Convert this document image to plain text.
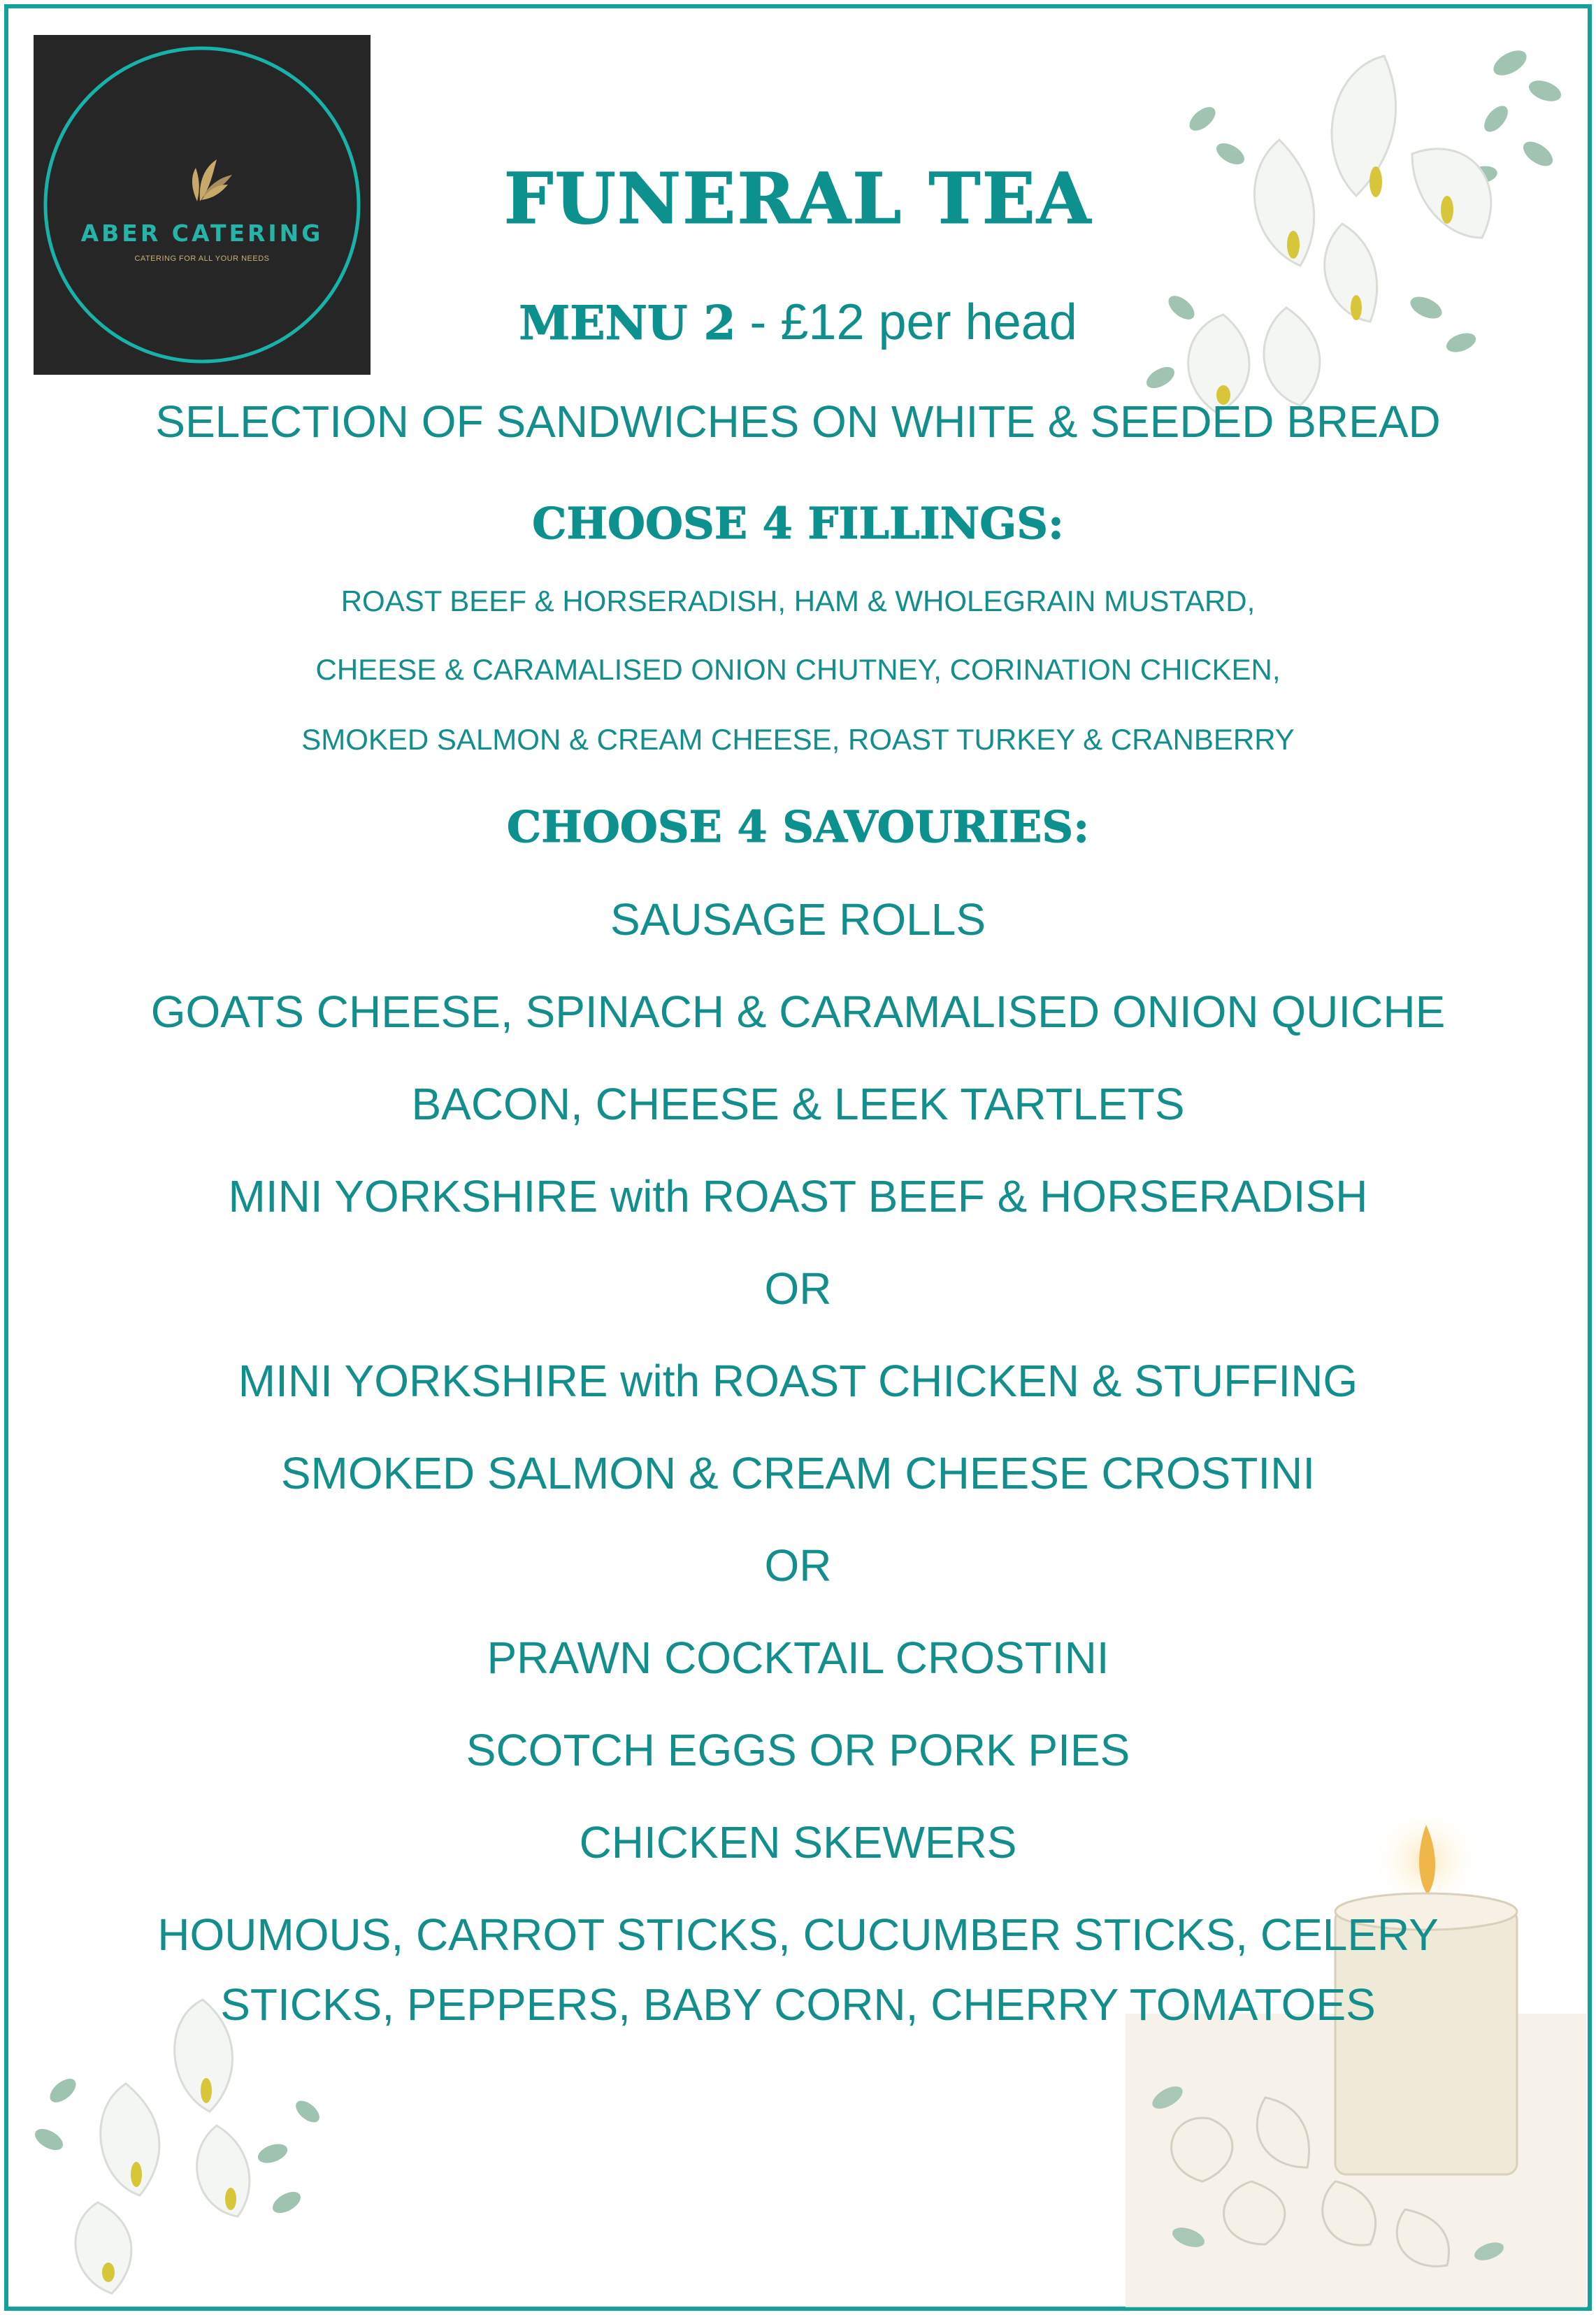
ABER CATERING
CATERING FOR ALL YOUR NEEDS
FUNERAL TEA
MENU 2 - £12 per head
SELECTION OF SANDWICHES ON WHITE & SEEDED BREAD
CHOOSE 4 FILLINGS:
ROAST BEEF & HORSERADISH, HAM & WHOLEGRAIN MUSTARD,
CHEESE & CARAMALISED ONION CHUTNEY, CORINATION CHICKEN,
SMOKED SALMON & CREAM CHEESE, ROAST TURKEY & CRANBERRY
CHOOSE 4 SAVOURIES:
SAUSAGE ROLLS
GOATS CHEESE, SPINACH & CARAMALISED ONION QUICHE
BACON, CHEESE & LEEK TARTLETS
MINI YORKSHIRE with ROAST BEEF & HORSERADISH
OR
MINI YORKSHIRE with ROAST CHICKEN & STUFFING
SMOKED SALMON & CREAM CHEESE CROSTINI
OR
PRAWN COCKTAIL CROSTINI
SCOTCH EGGS OR PORK PIES
CHICKEN SKEWERS
HOUMOUS, CARROT STICKS, CUCUMBER STICKS, CELERY
STICKS, PEPPERS, BABY CORN, CHERRY TOMATOES
